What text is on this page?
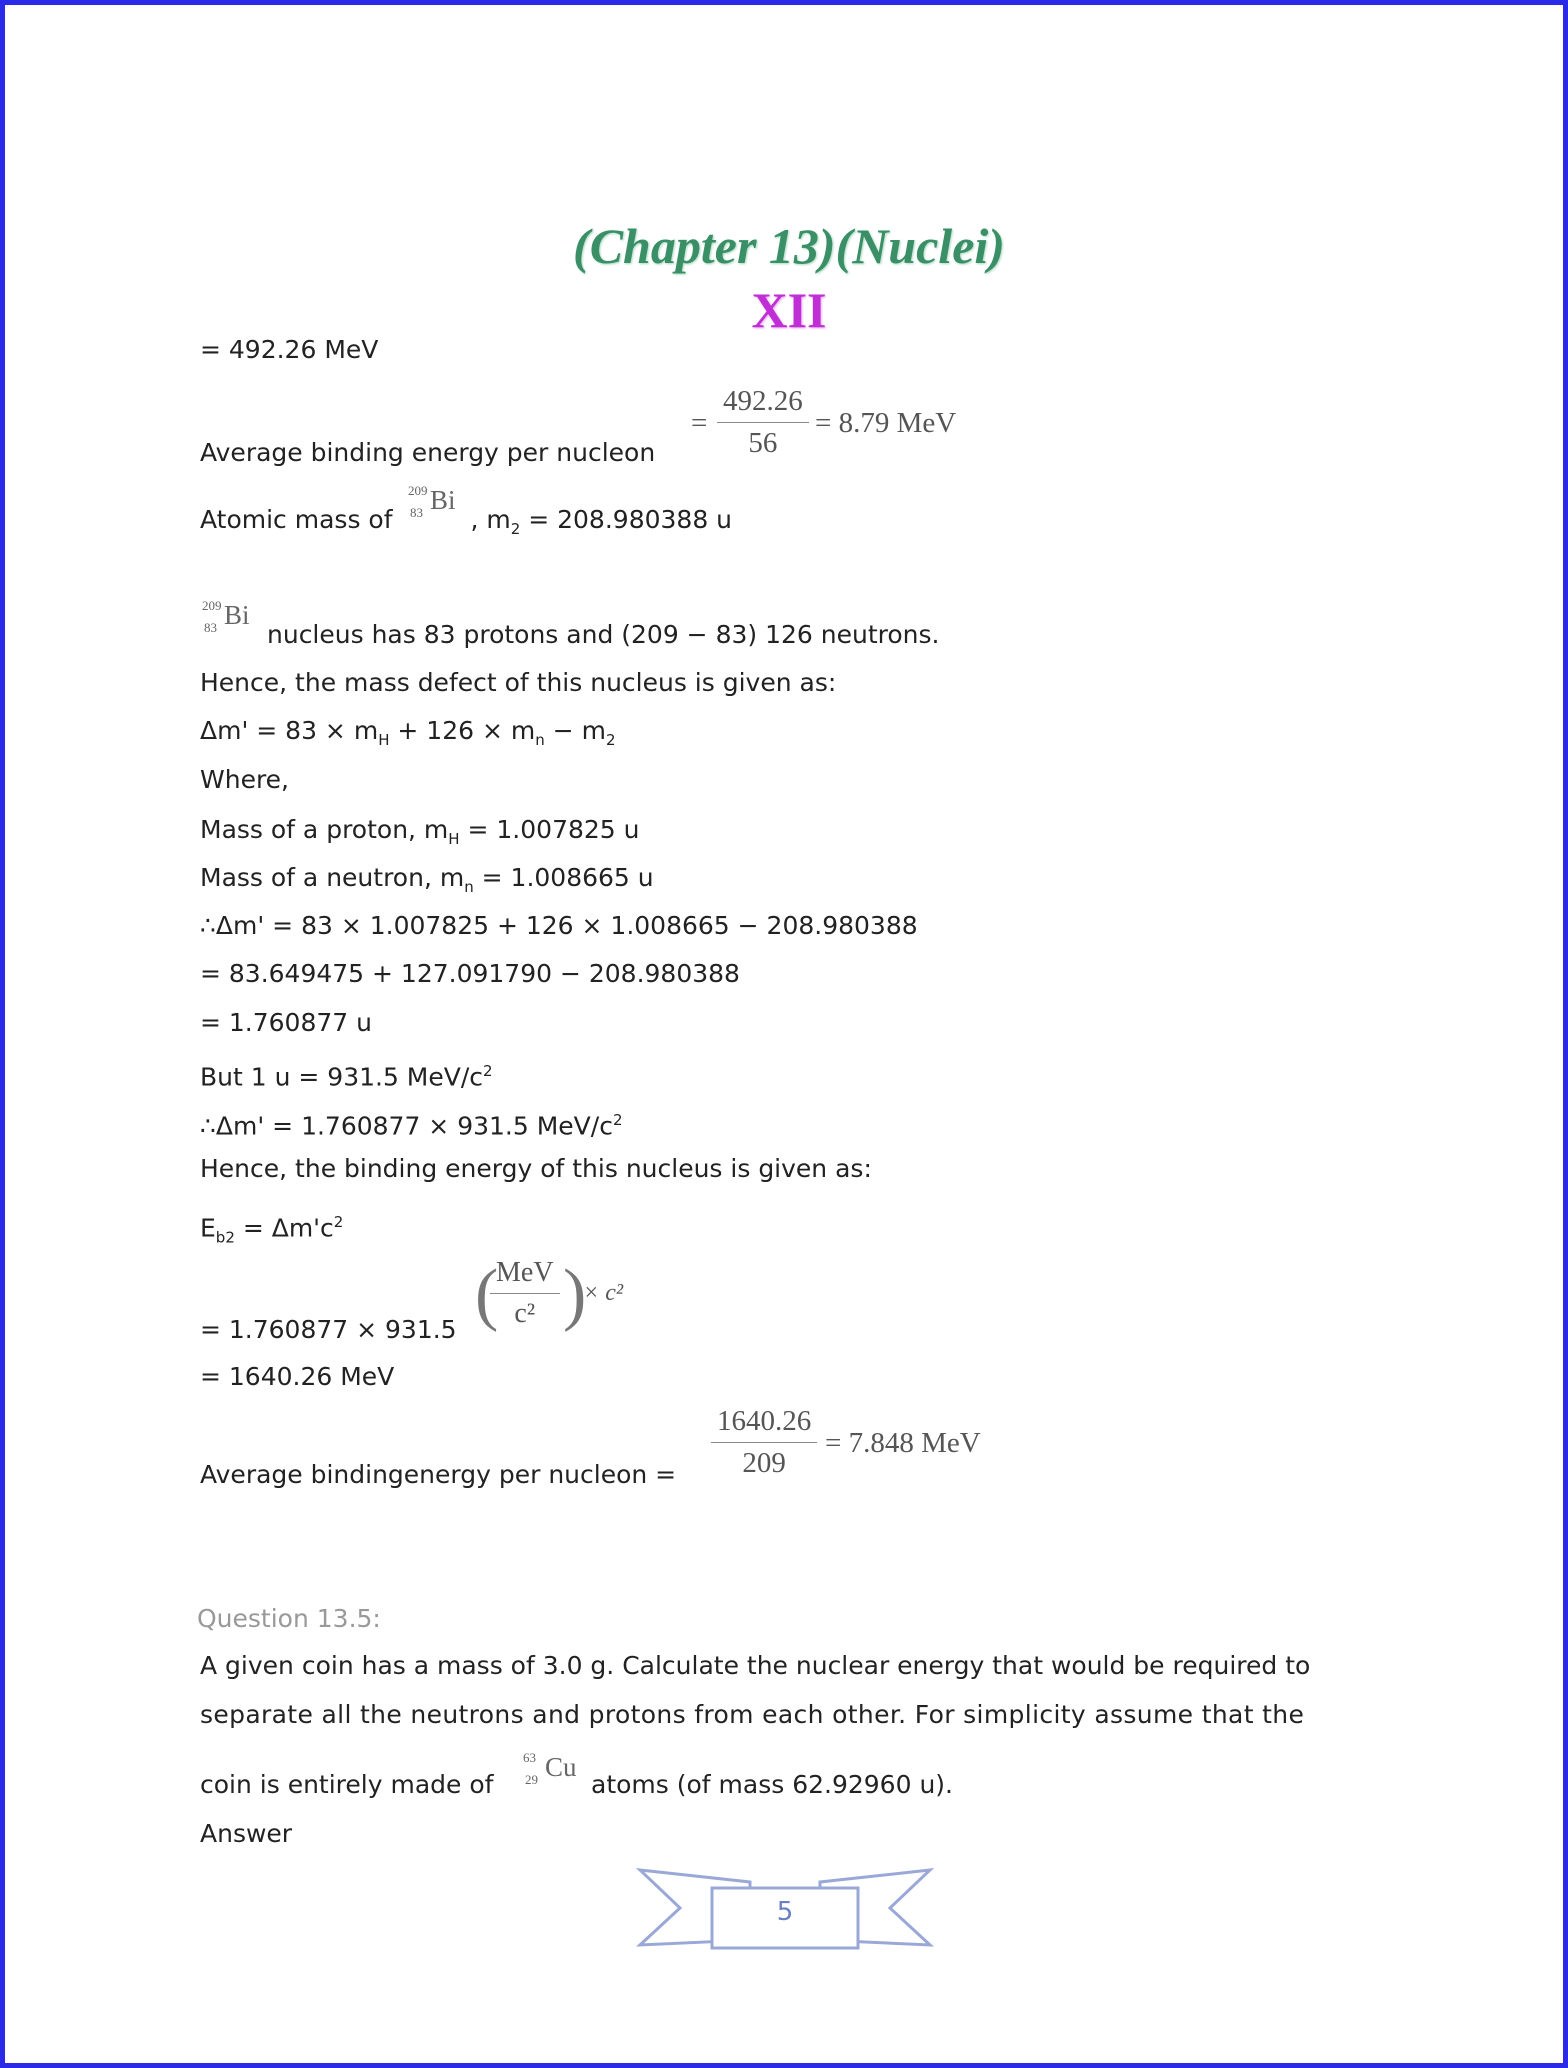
(Chapter 13)(Nuclei)
XII
= 492.26 MeV
= $\frac{492.26}{56} = 8.79$ MeV
Average binding energy per nucleon
Atomic mass of	, $m_2 = 208.980388$ u
209
83 Bi
209
83 Bi
nucleus has 83 protons and (209 − 83) 126 neutrons.
Hence, the mass defect of this nucleus is given as:
$\Delta m' = 83 \times m_H + 126 \times m_n - m_2$
Where,
Mass of a proton, $m_H = 1.007825$ u
Mass of a neutron, $m_n = 1.008665$ u
∴Δm' = 83 × 1.007825 + 126 × 1.008665 − 208.980388
= 83.649475 + 127.091790 − 208.980388
= 1.760877 u
But 1 u = 931.5 MeV/$c^2$
∴Δm' = 1.760877 × 931.5 MeV/$c^2$
Hence, the binding energy of this nucleus is given as:
$E_{b2} = \Delta m'c^2$
= 1.760877 × 931.5 (
MeV
c² )
× c²
= 1640.26 MeV
$\frac{1640.26}{209} = 7.848$ MeV
Average bindingenergy per nucleon =
Question 13.5:
A given coin has a mass of 3.0 g. Calculate the nuclear energy that would be required to
separate all the neutrons and protons from each other. For simplicity assume that the
coin is entirely made of
63
29 Cu
atoms (of mass 62.92960 u).
Answer
5
